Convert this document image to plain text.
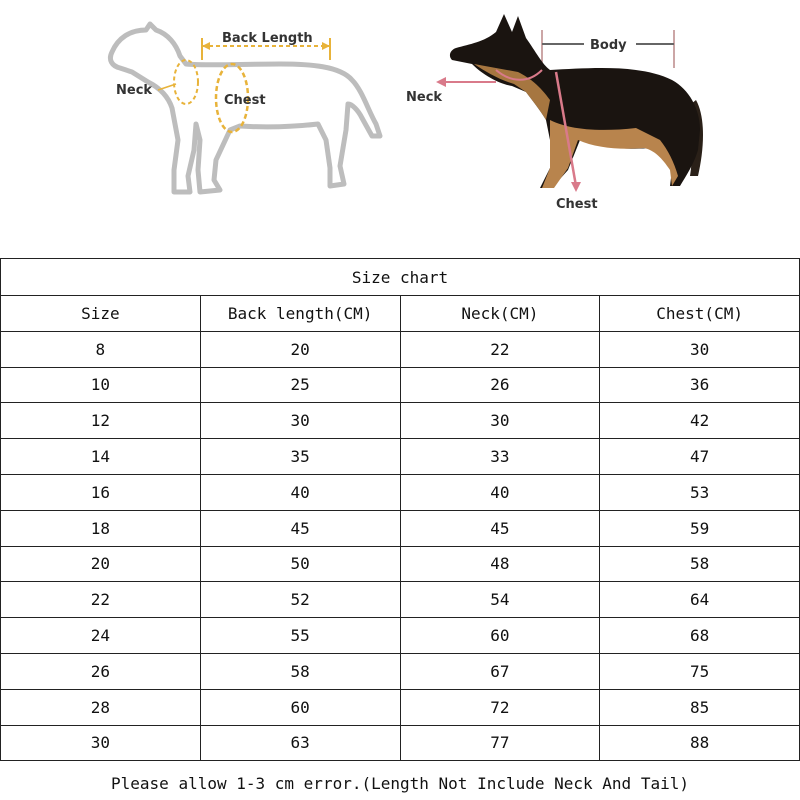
Back Length
Neck
Chest
Body
Neck
Chest
Size chart			
Size	Back length(CM)	Neck(CM)	Chest(CM)
8	20	22	30
10	25	26	36
12	30	30	42
14	35	33	47
16	40	40	53
18	45	45	59
20	50	48	58
22	52	54	64
24	55	60	68
26	58	67	75
28	60	72	85
30	63	77	88
Please allow 1-3 cm error.(Length Not Include Neck And Tail)
